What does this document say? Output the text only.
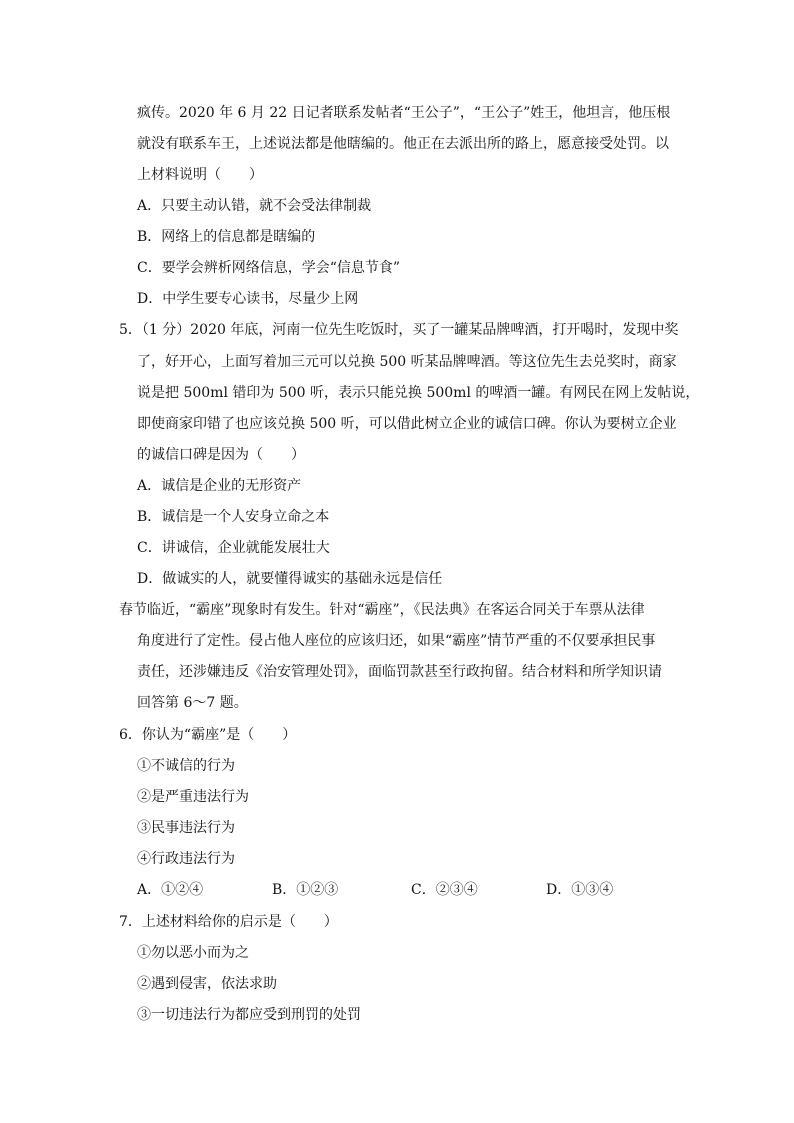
疯传。2020 年 6 月 22 日记者联系发帖者“王公子”，“王公子”姓王，他坦言，他压根
就没有联系车王，上述说法都是他瞎编的。他正在去派出所的路上，愿意接受处罚。以
上材料说明（　　）
A．只要主动认错，就不会受法律制裁
B．网络上的信息都是瞎编的
C．要学会辨析网络信息，学会“信息节食”
D．中学生要专心读书，尽量少上网
5．（1 分）2020 年底，河南一位先生吃饭时，买了一罐某品牌啤酒，打开喝时，发现中奖
了，好开心，上面写着加三元可以兑换 500 听某品牌啤酒。等这位先生去兑奖时，商家
说是把 500ml 错印为 500 听，表示只能兑换 500ml 的啤酒一罐。有网民在网上发帖说，
即使商家印错了也应该兑换 500 听，可以借此树立企业的诚信口碑。你认为要树立企业
的诚信口碑是因为（　　）
A．诚信是企业的无形资产
B．诚信是一个人安身立命之本
C．讲诚信，企业就能发展壮大
D．做诚实的人，就要懂得诚实的基础永远是信任
春节临近，“霸座”现象时有发生。针对“霸座”，《民法典》在客运合同关于车票从法律
角度进行了定性。侵占他人座位的应该归还，如果“霸座”情节严重的不仅要承担民事
责任，还涉嫌违反《治安管理处罚》，面临罚款甚至行政拘留。结合材料和所学知识请
回答第 6～7 题。
6．你认为“霸座”是（　　）
①不诚信的行为
②是严重违法行为
③民事违法行为
④行政违法行为
A．①②④	B．①②③	C．②③④	D．①③④
7．上述材料给你的启示是（　　）
①勿以恶小而为之
②遇到侵害，依法求助
③一切违法行为都应受到刑罚的处罚
